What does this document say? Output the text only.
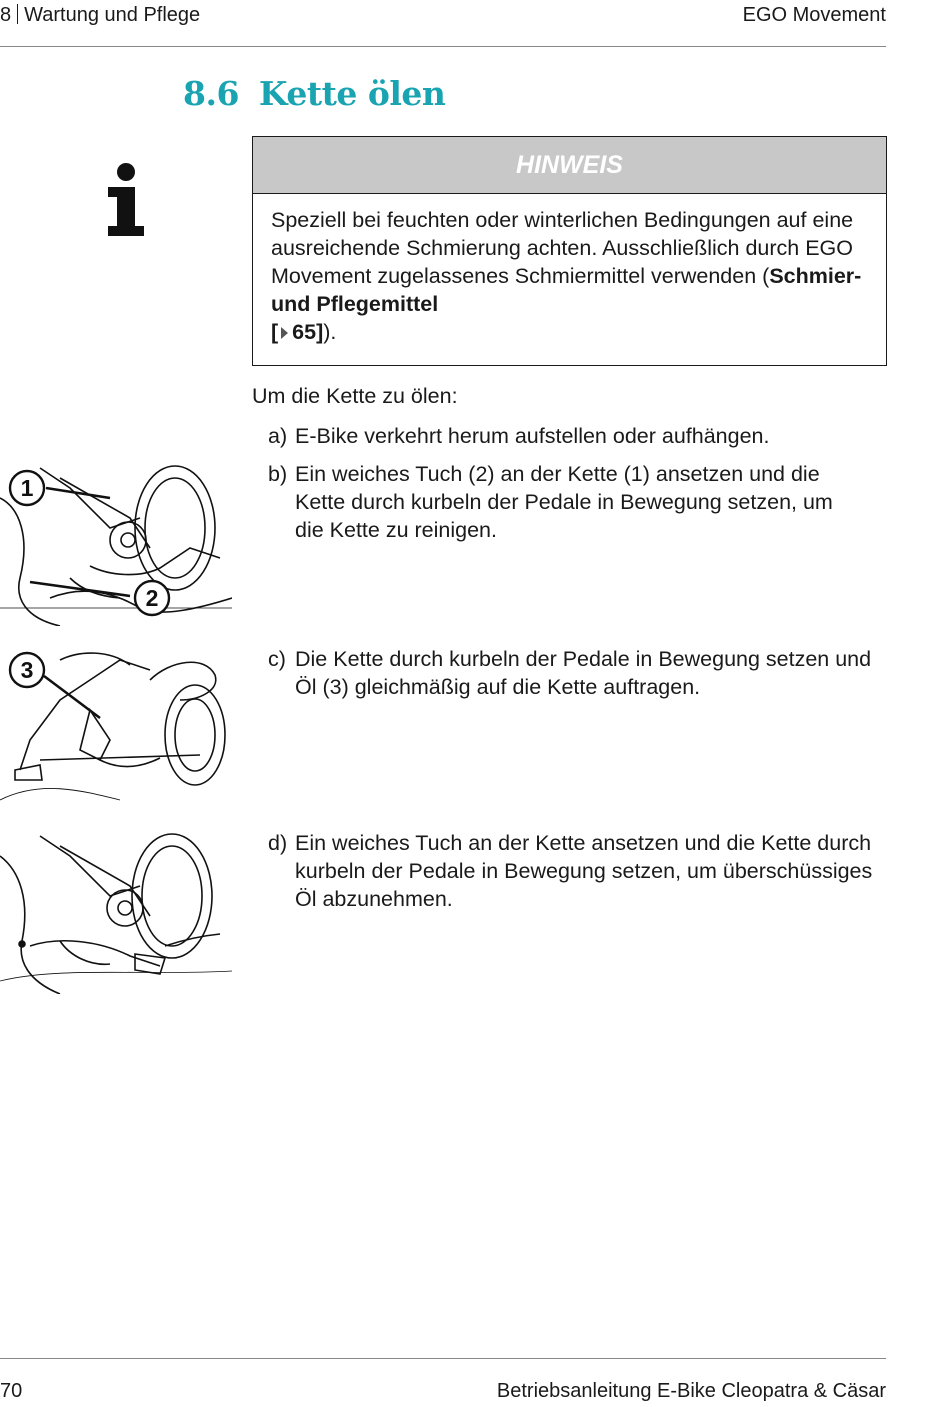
8 Wartung und Pflege	EGO Movement
8.6 Kette ölen
HINWEIS
Speziell bei feuchten oder winterlichen Bedingungen auf eine ausreichende Schmierung achten. Ausschließlich durch EGO Movement zugelassenes Schmiermittel verwenden (Schmier- und Pflegemittel
[ 65]).
Um die Kette zu ölen:
a) E-Bike verkehrt herum aufstellen oder aufhängen.
b) Ein weiches Tuch (2) an der Kette (1) ansetzen und die Kette durch kurbeln der Pedale in Bewegung setzen, um die Kette zu reinigen.
c) Die Kette durch kurbeln der Pedale in Bewegung setzen und Öl (3) gleichmäßig auf die Kette auftragen.
d) Ein weiches Tuch an der Kette ansetzen und die Kette durch kurbeln der Pedale in Bewegung setzen, um überschüssiges Öl abzunehmen.
1
2
3
70	Betriebsanleitung E-Bike Cleopatra & Cäsar
